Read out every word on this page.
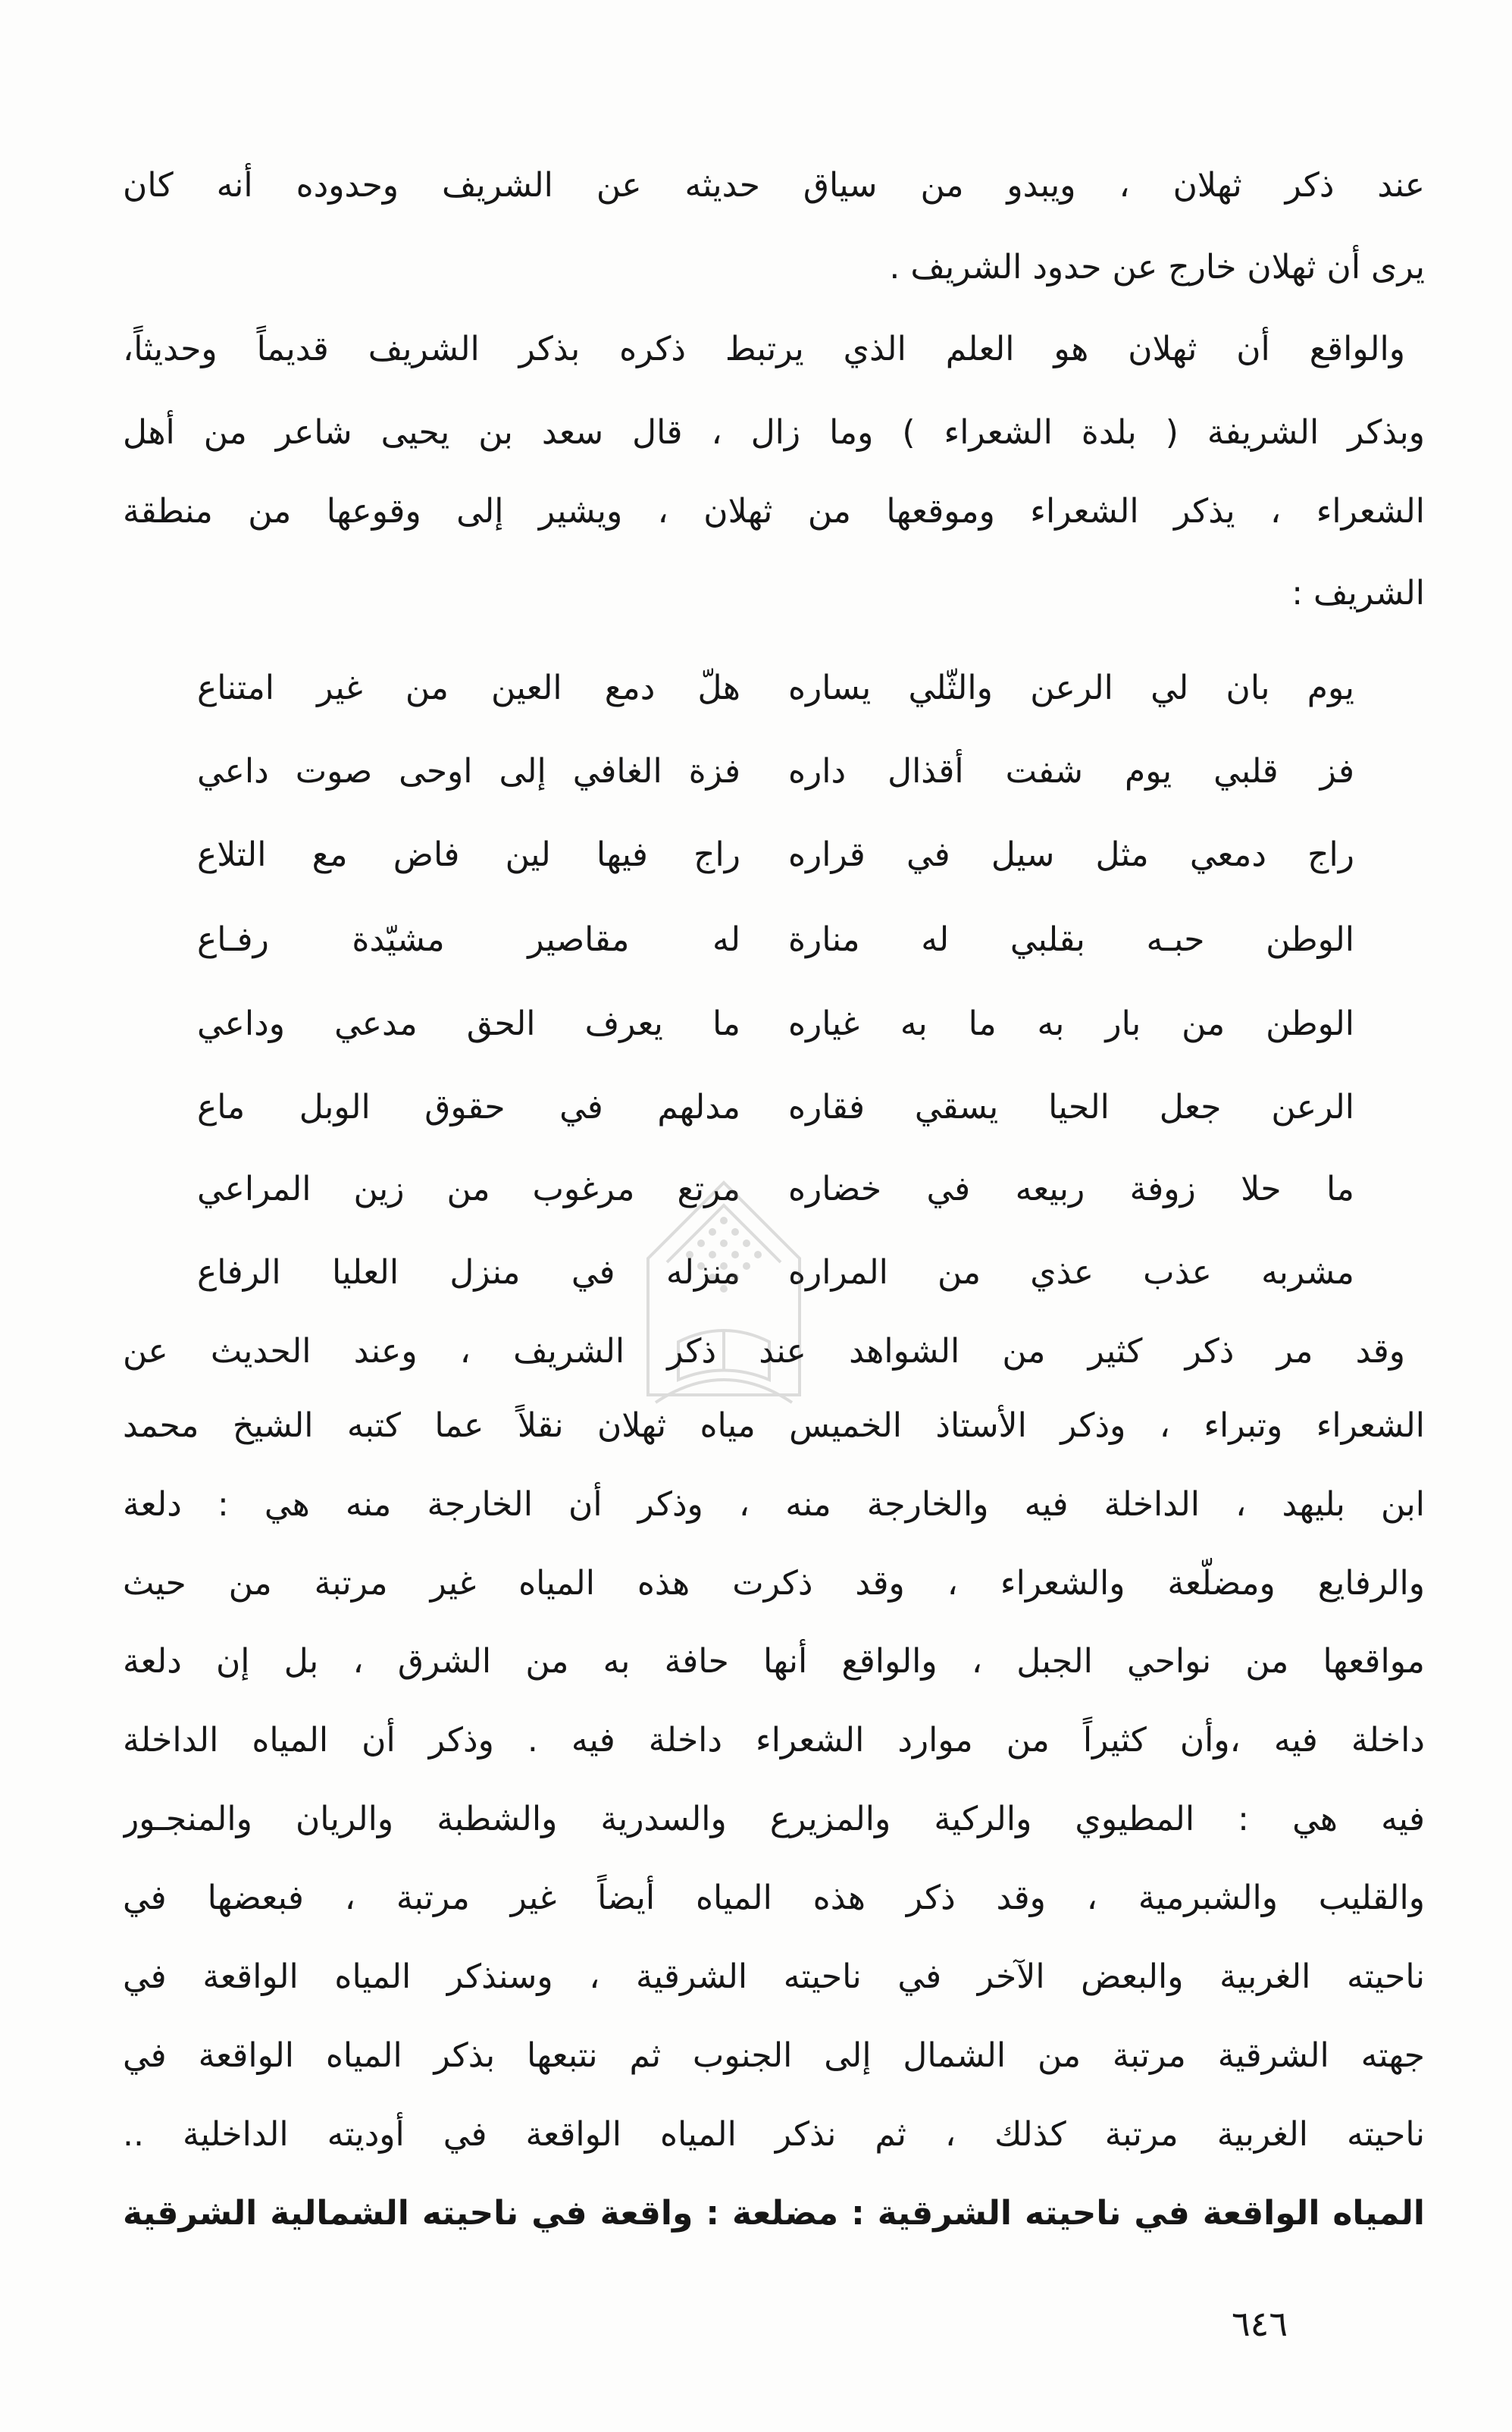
عند ذكر ثهلان ، ويبدو من سياق حديثه عن الشريف وحدوده أنه كان
يرى أن ثهلان خارج عن حدود الشريف .
والواقع أن ثهلان هو العلم الذي يرتبط ذكره بذكر الشريف قديماً وحديثاً،
وبذكر الشريفة ( بلدة الشعراء ) وما زال ، قال سعد بن يحيى شاعر من أهل
الشعراء ، يذكر الشعراء وموقعها من ثهلان ، ويشير إلى وقوعها من منطقة
الشريف :
يوم بان لي الرعن والثّلي يساره
هلّ دمع العين من غير امتناع
فز قلبي يوم شفت أقذال داره
فزة الغافي إلى اوحى صوت داعي
راج دمعي مثل سيل في قراره
راج فيها لين فاض مع التلاع
الوطن حبـه بقلبي له منارة
له مقاصير مشيّدة رفـاع
الوطن من بار به ما به غياره
ما يعرف الحق مدعي وداعي
الرعن جعل الحيا يسقي فقاره
مدلهم في حقوق الوبل ماع
ما حلا زوفة ربيعه في خضاره
مرتع مرغوب من زين المراعي
مشربه عذب عذي من المراره
منزله في منزل العليا الرفاع
وقد مر ذكر كثير من الشواهد عند ذكر الشريف ، وعند الحديث عن
الشعراء وتبراء ، وذكر الأستاذ الخميس مياه ثهلان نقلاً عما كتبه الشيخ محمد
ابن بليهد ، الداخلة فيه والخارجة منه ، وذكر أن الخارجة منه هي : دلعة
والرفايع ومضلّعة والشعراء ، وقد ذكرت هذه المياه غير مرتبة من حيث
مواقعها من نواحي الجبل ، والواقع أنها حافة به من الشرق ، بل إن دلعة
داخلة فيه ،وأن كثيراً من موارد الشعراء داخلة فيه . وذكر أن المياه الداخلة
فيه هي : المطيوي والركية والمزيرع والسدرية والشطبة والريان والمنجـور
والقليب والشبرمية ، وقد ذكر هذه المياه أيضاً غير مرتبة ، فبعضها في
ناحيته الغربية والبعض الآخر في ناحيته الشرقية ، وسنذكر المياه الواقعة في
جهته الشرقية مرتبة من الشمال إلى الجنوب ثم نتبعها بذكر المياه الواقعة في
ناحيته الغربية مرتبة كذلك ، ثم نذكر المياه الواقعة في أوديته الداخلية ..
المياه الواقعة في ناحيته الشرقية : مضلعة : واقعة في ناحيته الشمالية الشرقية
٦٤٦
